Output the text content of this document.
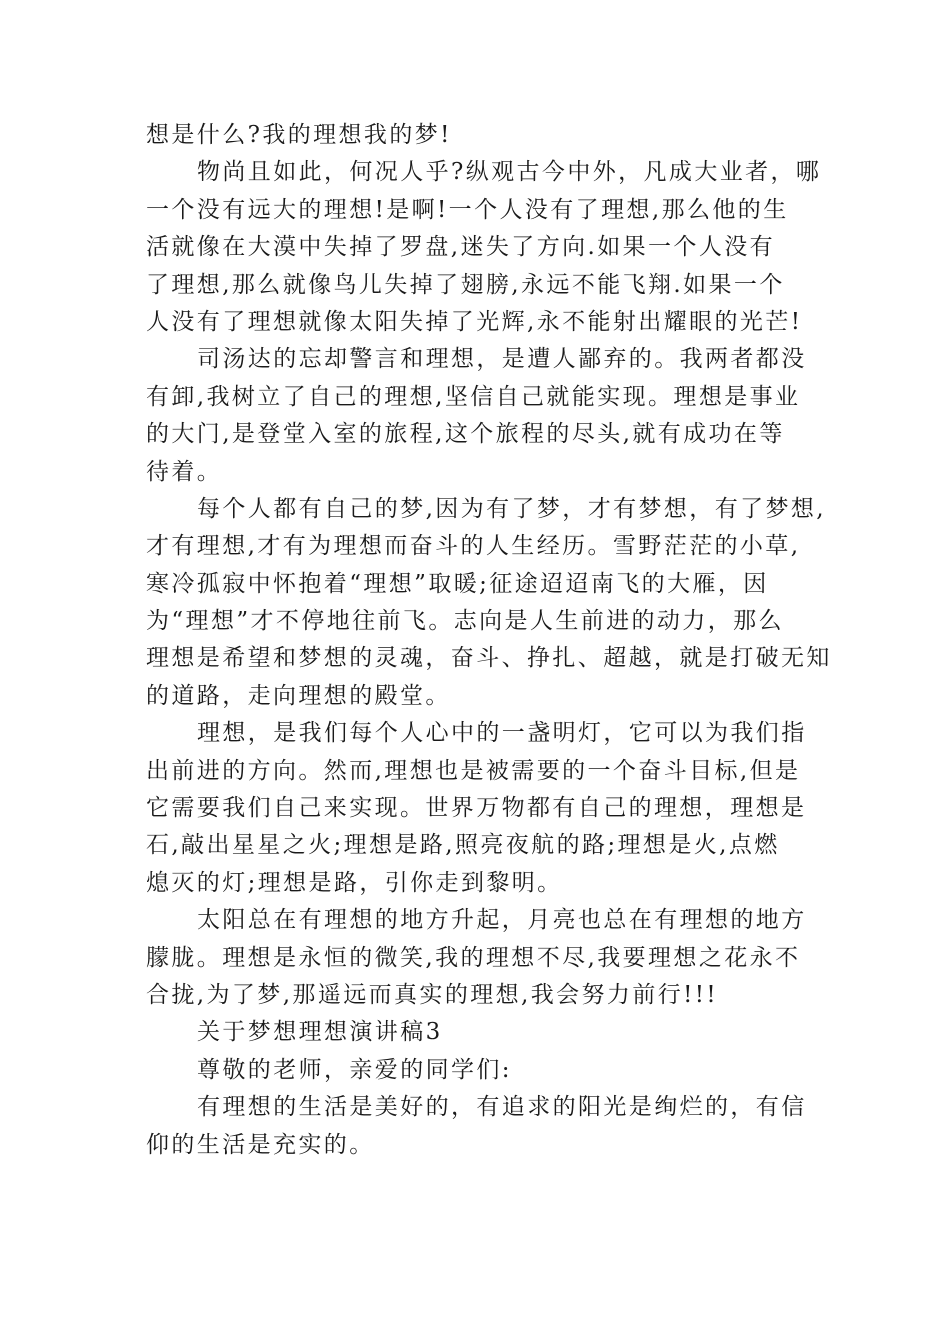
想是什么?我的理想我的梦!
物尚且如此，何况人乎?纵观古今中外，凡成大业者，哪
一个没有远大的理想!是啊!一个人没有了理想,那么他的生
活就像在大漠中失掉了罗盘,迷失了方向.如果一个人没有
了理想,那么就像鸟儿失掉了翅膀,永远不能飞翔.如果一个
人没有了理想就像太阳失掉了光辉,永不能射出耀眼的光芒!
司汤达的忘却警言和理想，是遭人鄙弃的。我两者都没
有卸,我树立了自己的理想,坚信自己就能实现。理想是事业
的大门,是登堂入室的旅程,这个旅程的尽头,就有成功在等
待着。
每个人都有自己的梦,因为有了梦，才有梦想，有了梦想,
才有理想,才有为理想而奋斗的人生经历。雪野茫茫的小草,
寒冷孤寂中怀抱着“理想”取暖;征途迢迢南飞的大雁，因
为“理想”才不停地往前飞。志向是人生前进的动力，那么
理想是希望和梦想的灵魂，奋斗、挣扎、超越，就是打破无知
的道路，走向理想的殿堂。
理想，是我们每个人心中的一盏明灯，它可以为我们指
出前进的方向。然而,理想也是被需要的一个奋斗目标,但是
它需要我们自己来实现。世界万物都有自己的理想，理想是
石,敲出星星之火;理想是路,照亮夜航的路;理想是火,点燃
熄灭的灯;理想是路，引你走到黎明。
太阳总在有理想的地方升起，月亮也总在有理想的地方
朦胧。理想是永恒的微笑,我的理想不尽,我要理想之花永不
合拢,为了梦,那遥远而真实的理想,我会努力前行!!!
关于梦想理想演讲稿3
尊敬的老师，亲爱的同学们:
有理想的生活是美好的，有追求的阳光是绚烂的，有信
仰的生活是充实的。
